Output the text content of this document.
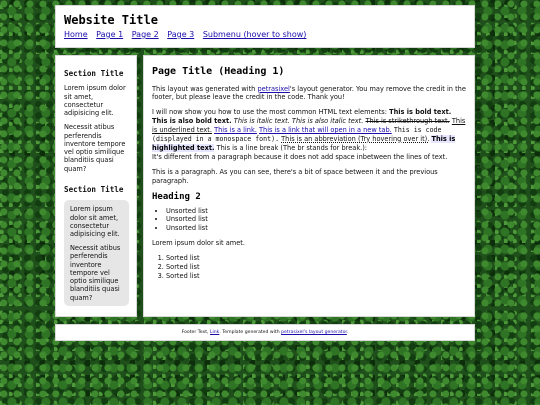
Website Title
Home Page 1 Page 2 Page 3 Submenu (hover to show)
Section Title

Lorem ipsum dolor sit amet, consectetur adipisicing elit.

Necessit atibus perferendis inventore tempore vel optio similique blanditiis quasi quam?

Section Title

Lorem ipsum dolor sit amet, consectetur adipisicing elit.

Necessit atibus perferendis inventore tempore vel optio similique blanditiis quasi quam?

Page Title (Heading 1)

This layout was generated with petrasixel's layout generator. You may remove the credit in the footer, but please leave the credit in the code. Thank you!

I will now show you how to use the most common HTML text elements: This is bold text. This is also bold text. This is italic text. This is also italic text. This is strikethrough text. This is underlined text. This is a link. This is a link that will open in a new tab. This is code (displayed in a monospace font). This is an abbreviation (Try hovering over it). This is highlighted text. This is a line break (The br stands for break.):
It's different from a paragraph because it does not add space inbetween the lines of text.

This is a paragraph. As you can see, there's a bit of space between it and the previous paragraph.

Heading 2
• Unsorted list
• Unsorted list
• Unsorted list

Lorem ipsum dolor sit amet.

1. Sorted list
2. Sorted list
3. Sorted list
Footer Text, Link. Template generated with petrasixel's layout generator.
